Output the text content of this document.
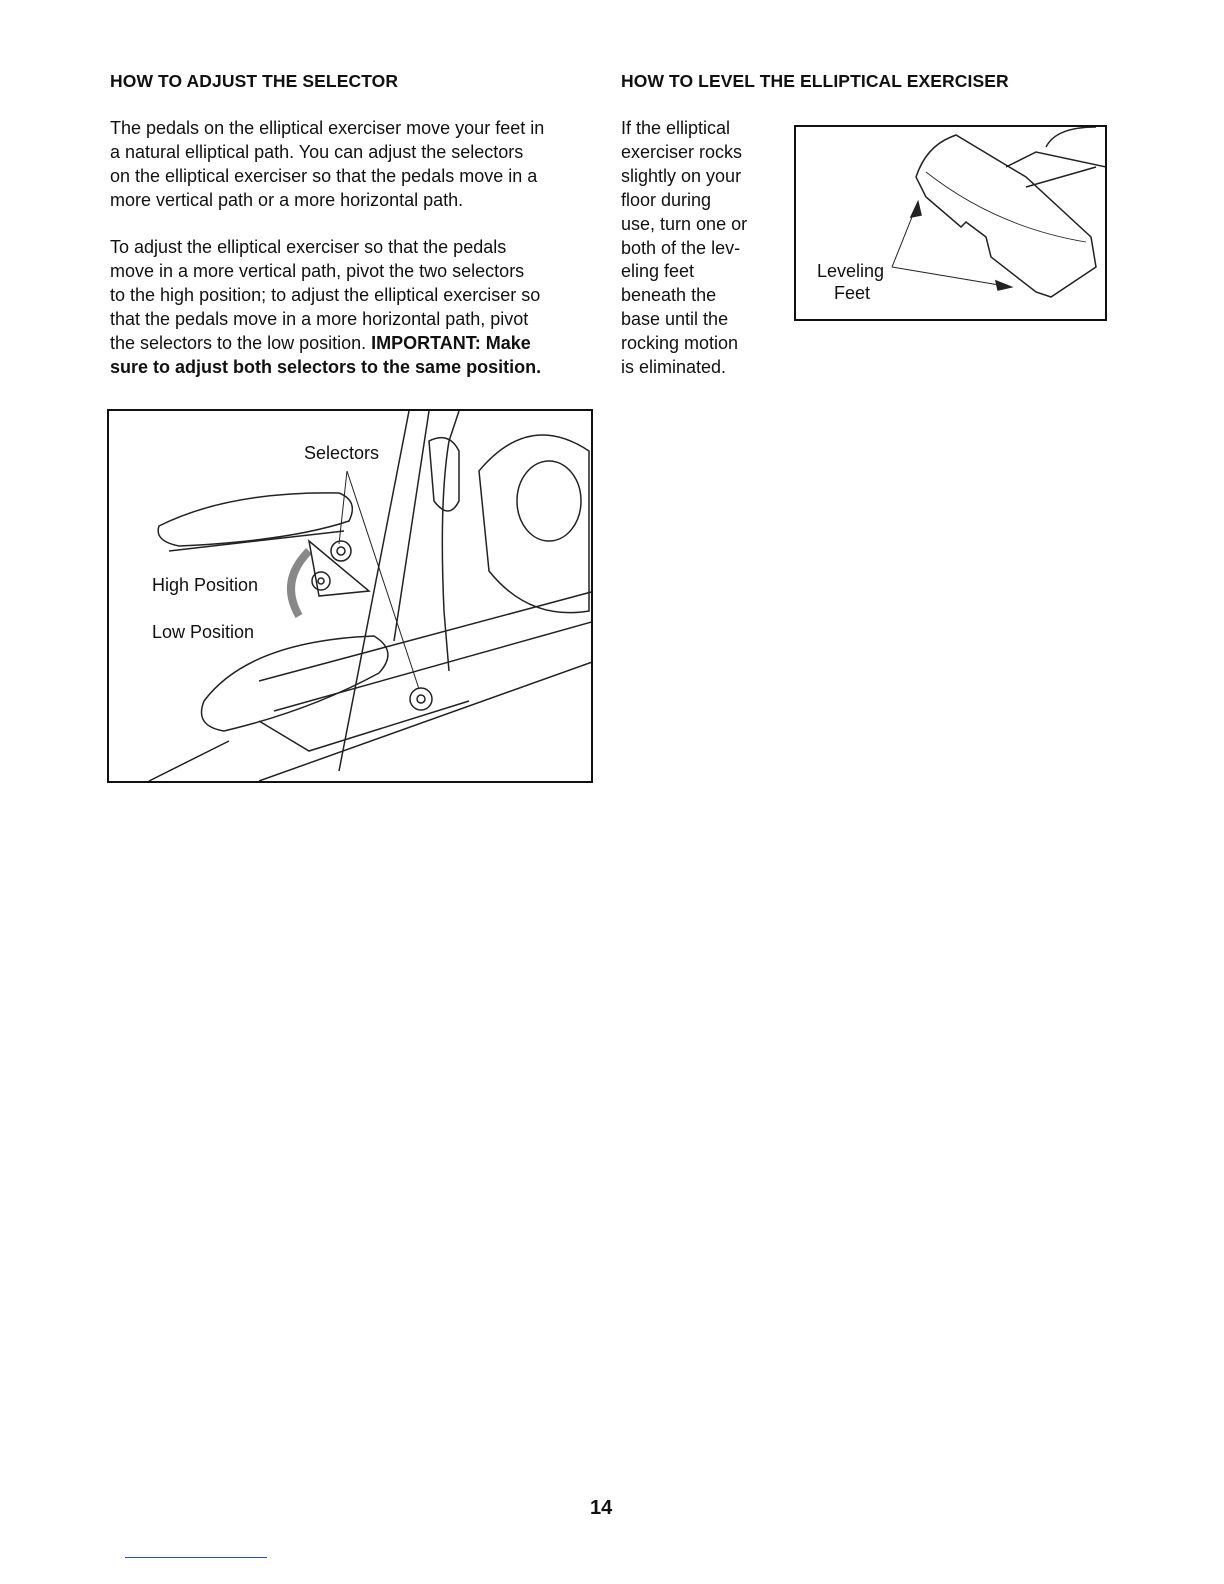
HOW TO ADJUST THE SELECTOR
The pedals on the elliptical exerciser move your feet in
a natural elliptical path. You can adjust the selectors
on the elliptical exerciser so that the pedals move in a
more vertical path or a more horizontal path.
To adjust the elliptical exerciser so that the pedals
move in a more vertical path, pivot the two selectors
to the high position; to adjust the elliptical exerciser so
that the pedals move in a more horizontal path, pivot
the selectors to the low position. IMPORTANT: Make
sure to adjust both selectors to the same position.
Selectors
High Position
Low Position
HOW TO LEVEL THE ELLIPTICAL EXERCISER
If the elliptical
exerciser rocks
slightly on your
floor during
use, turn one or
both of the lev-
eling feet
beneath the
base until the
rocking motion
is eliminated.
Leveling
Feet
14
